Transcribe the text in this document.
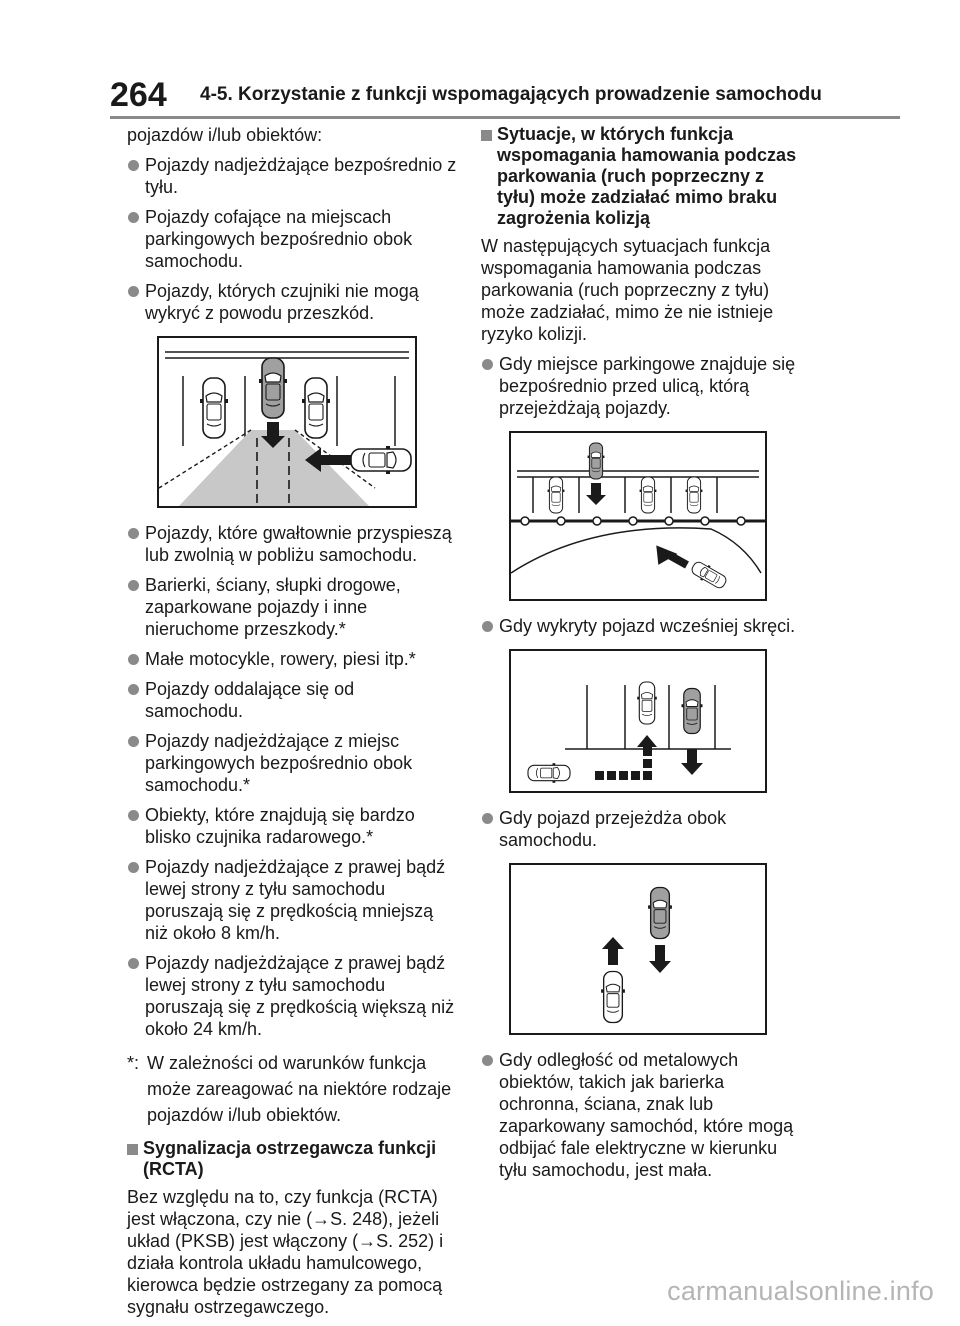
264 4-5. Korzystanie z funkcji wspomagających prowadzenie samochodu

pojazdów i/lub obiektów:

Pojazdy nadjeżdżające bezpośrednio z tyłu.
Pojazdy cofające na miejscach parkingowych bezpośrednio obok samochodu.
Pojazdy, których czujniki nie mogą wykryć z powodu przeszkód.
Pojazdy, które gwałtownie przyspieszą lub zwolnią w pobliżu samochodu.
Barierki, ściany, słupki drogowe, zaparkowane pojazdy i inne nieruchome przeszkody.*
Małe motocykle, rowery, piesi itp.*
Pojazdy oddalające się od samochodu.
Pojazdy nadjeżdżające z miejsc parkingowych bezpośrednio obok samochodu.*
Obiekty, które znajdują się bardzo blisko czujnika radarowego.*
Pojazdy nadjeżdżające z prawej bądź lewej strony z tyłu samochodu poruszają się z prędkością mniejszą niż około 8 km/h.
Pojazdy nadjeżdżające z prawej bądź lewej strony z tyłu samochodu poruszają się z prędkością większą niż około 24 km/h.
*: W zależności od warunków funkcja może zareagować na niektóre rodzaje pojazdów i/lub obiektów.
Sygnalizacja ostrzegawcza funkcji (RCTA)

Bez względu na to, czy funkcja (RCTA) jest włączona, czy nie (→S. 248), jeżeli układ (PKSB) jest włączony (→S. 252) i działa kontrola układu hamulcowego, kierowca będzie ostrzegany za pomocą sygnału ostrzegawczego.

Sytuacje, w których funkcja wspomagania hamowania podczas parkowania (ruch poprzeczny z tyłu) może zadziałać mimo braku zagrożenia kolizją

W następujących sytuacjach funkcja wspomagania hamowania podczas parkowania (ruch poprzeczny z tyłu) może zadziałać, mimo że nie istnieje ryzyko kolizji.

Gdy miejsce parkingowe znajduje się bezpośrednio przed ulicą, którą przejeżdżają pojazdy.
Gdy wykryty pojazd wcześniej skręci.
Gdy pojazd przejeżdża obok samochodu.
Gdy odległość od metalowych obiektów, takich jak barierka ochronna, ściana, znak lub zaparkowany samochód, które mogą odbijać fale elektryczne w kierunku tyłu samochodu, jest mała.
carmanualsonline.info
